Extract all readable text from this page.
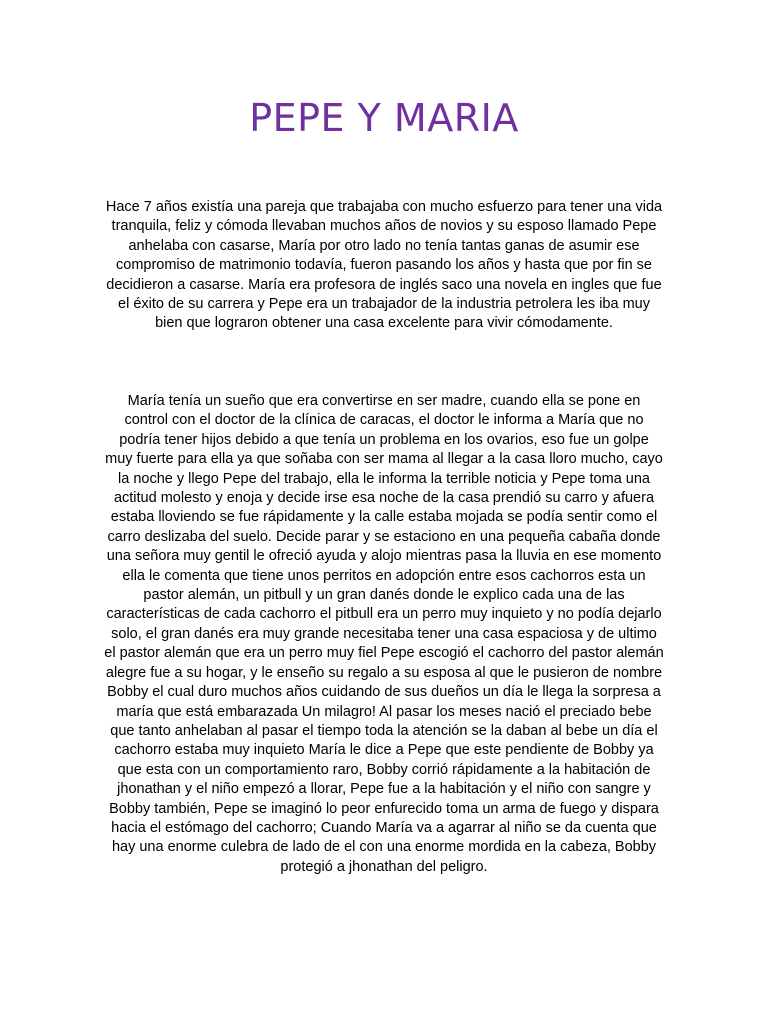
PEPE Y MARIA

Hace 7 años existía una pareja que trabajaba con mucho esfuerzo para tener una vida tranquila, feliz y cómoda llevaban muchos años de novios y su esposo llamado Pepe anhelaba con casarse, María por otro lado no tenía tantas ganas de asumir ese compromiso de matrimonio todavía, fueron pasando los años y hasta que por fin se decidieron a casarse. María era profesora de inglés saco una novela en ingles que fue el éxito de su carrera y Pepe era un trabajador de la industria petrolera les iba muy bien que lograron obtener una casa excelente para vivir cómodamente.

María tenía un sueño que era convertirse en ser madre, cuando ella se pone en control con el doctor de la clínica de caracas, el doctor le informa a María que no podría tener hijos debido a que tenía un problema en los ovarios, eso fue un golpe muy fuerte para ella ya que soñaba con ser mama al llegar a la casa lloro mucho, cayo la noche y llego Pepe del trabajo, ella le informa la terrible noticia y Pepe toma una actitud molesto y enoja y decide irse esa noche de la casa prendió su carro y afuera estaba lloviendo se fue rápidamente y la calle estaba mojada se podía sentir como el carro deslizaba del suelo. Decide parar y se estaciono en una pequeña cabaña donde una señora muy gentil le ofreció ayuda y alojo mientras pasa la lluvia en ese momento ella le comenta que tiene unos perritos en adopción entre esos cachorros esta un pastor alemán, un pitbull y un gran danés donde le explico cada una de las características de cada cachorro el pitbull era un perro muy inquieto y no podía dejarlo solo, el gran danés era muy grande necesitaba tener una casa espaciosa y de ultimo el pastor alemán que era un perro muy fiel Pepe escogió el cachorro del pastor alemán alegre fue a su hogar, y le enseño su regalo a su esposa al que le pusieron de nombre Bobby el cual duro muchos años cuidando de sus dueños un día le llega la sorpresa a maría que está embarazada Un milagro! Al pasar los meses nació el preciado bebe que tanto anhelaban al pasar el tiempo toda la atención se la daban al bebe un día el cachorro estaba muy inquieto María le dice a Pepe que este pendiente de Bobby ya que esta con un comportamiento raro, Bobby corrió rápidamente a la habitación de jhonathan y el niño empezó a llorar, Pepe fue a la habitación y el niño con sangre y Bobby también, Pepe se imaginó lo peor enfurecido toma un arma de fuego y dispara hacia el estómago del cachorro; Cuando María va a agarrar al niño se da cuenta que hay una enorme culebra de lado de el con una enorme mordida en la cabeza, Bobby protegió a jhonathan del peligro.
